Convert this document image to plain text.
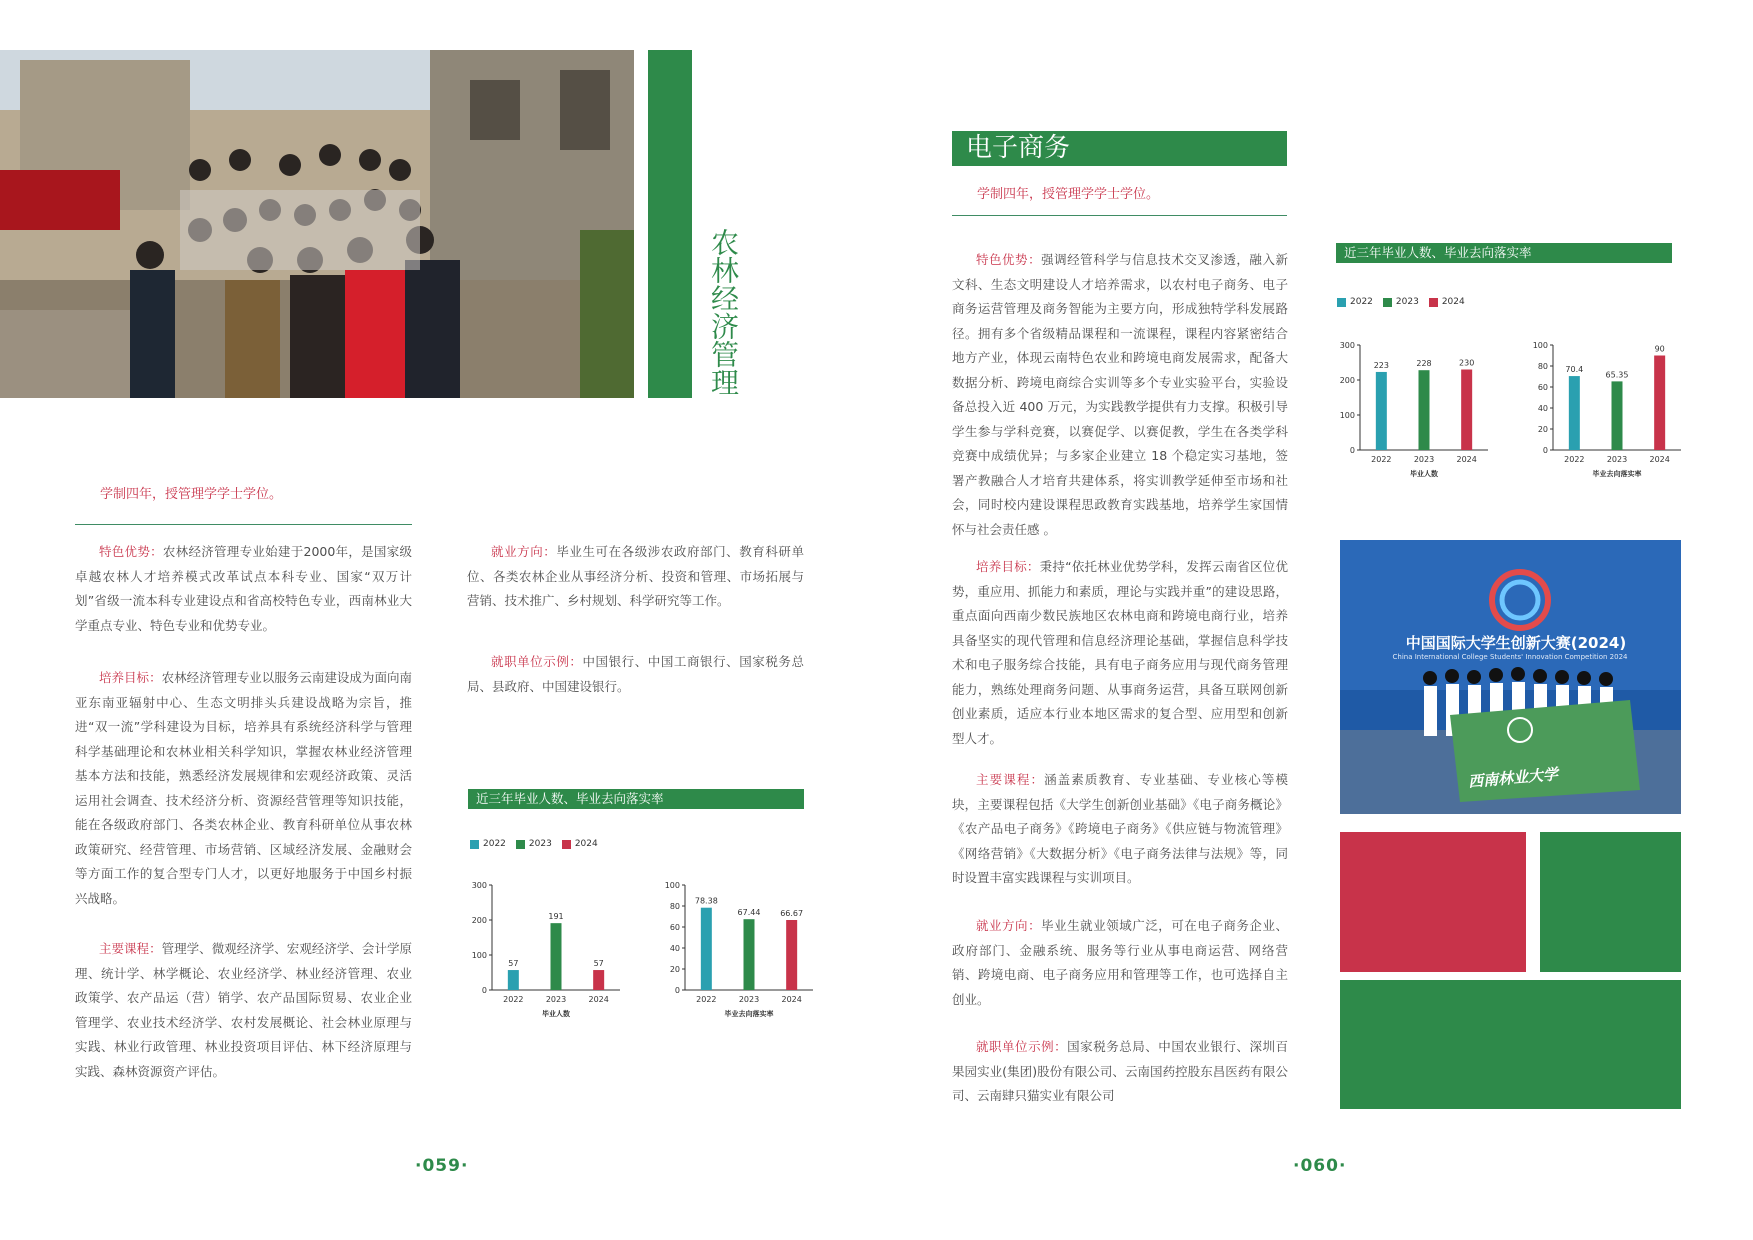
农林经济管理
学制四年，授管理学学士学位。

特色优势：农林经济管理专业始建于2000年，是国家级卓越农林人才培养模式改革试点本科专业、国家“双万计划”省级一流本科专业建设点和省高校特色专业，西南林业大学重点专业、特色专业和优势专业。

培养目标：农林经济管理专业以服务云南建设成为面向南亚东南亚辐射中心、生态文明排头兵建设战略为宗旨，推进“双一流”学科建设为目标，培养具有系统经济科学与管理科学基础理论和农林业相关科学知识，掌握农林业经济管理基本方法和技能，熟悉经济发展规律和宏观经济政策、灵活运用社会调查、技术经济分析、资源经营管理等知识技能，能在各级政府部门、各类农林企业、教育科研单位从事农林政策研究、经营管理、市场营销、区域经济发展、金融财会等方面工作的复合型专门人才，以更好地服务于中国乡村振兴战略。

主要课程：管理学、微观经济学、宏观经济学、会计学原理、统计学、林学概论、农业经济学、林业经济管理、农业政策学、农产品运（营）销学、农产品国际贸易、农业企业管理学、农业技术经济学、农村发展概论、社会林业原理与实践、林业行政管理、林业投资项目评估、林下经济原理与实践、森林资源资产评估。

就业方向：毕业生可在各级涉农政府部门、教育科研单位、各类农林企业从事经济分析、投资和管理、市场拓展与营销、技术推广、乡村规划、科学研究等工作。

就职单位示例：中国银行、中国工商银行、国家税务总局、县政府、中国建设银行。

近三年毕业人数、毕业去向落实率
2022	2023	2024
0
100
200
300
57
2022
191
2023
57
2024
毕业人数
0
20
40
60
80
100
78.38
2022
67.44
2023
66.67
2024
毕业去向落实率
·059·
电子商务
学制四年，授管理学学士学位。

特色优势：强调经管科学与信息技术交叉渗透，融入新文科、生态文明建设人才培养需求，以农村电子商务、电子商务运营管理及商务智能为主要方向，形成独特学科发展路径。拥有多个省级精品课程和一流课程，课程内容紧密结合地方产业，体现云南特色农业和跨境电商发展需求，配备大数据分析、跨境电商综合实训等多个专业实验平台，实验设备总投入近 400 万元，为实践教学提供有力支撑。积极引导学生参与学科竞赛，以赛促学、以赛促教，学生在各类学科竞赛中成绩优异；与多家企业建立 18 个稳定实习基地，签署产教融合人才培育共建体系，将实训教学延伸至市场和社会，同时校内建设课程思政教育实践基地，培养学生家国情怀与社会责任感 。

培养目标：秉持“依托林业优势学科，发挥云南省区位优势，重应用、抓能力和素质，理论与实践并重”的建设思路，重点面向西南少数民族地区农林电商和跨境电商行业，培养具备坚实的现代管理和信息经济理论基础，掌握信息科学技术和电子服务综合技能，具有电子商务应用与现代商务管理能力，熟练处理商务问题、从事商务运营，具备互联网创新创业素质，适应本行业本地区需求的复合型、应用型和创新型人才。

主要课程：涵盖素质教育、专业基础、专业核心等模块，主要课程包括《大学生创新创业基础》《电子商务概论》《农产品电子商务》《跨境电子商务》《供应链与物流管理》《网络营销》《大数据分析》《电子商务法律与法规》等，同时设置丰富实践课程与实训项目。

就业方向：毕业生就业领域广泛，可在电子商务企业、政府部门、金融系统、服务等行业从事电商运营、网络营销、跨境电商、电子商务应用和管理等工作，也可选择自主创业。

就职单位示例：国家税务总局、中国农业银行、深圳百果园实业(集团)股份有限公司、云南国药控股东昌医药有限公司、云南肆只猫实业有限公司

近三年毕业人数、毕业去向落实率
2022	2023	2024
0
100
200
300
223
2022
228
2023
230
2024
毕业人数
0
20
40
60
80
100
70.4
2022
65.35
2023
90
2024
毕业去向落实率
中国国际大学生创新大赛(2024)
China International College Students' Innovation Competition 2024
西南林业大学
·060·
